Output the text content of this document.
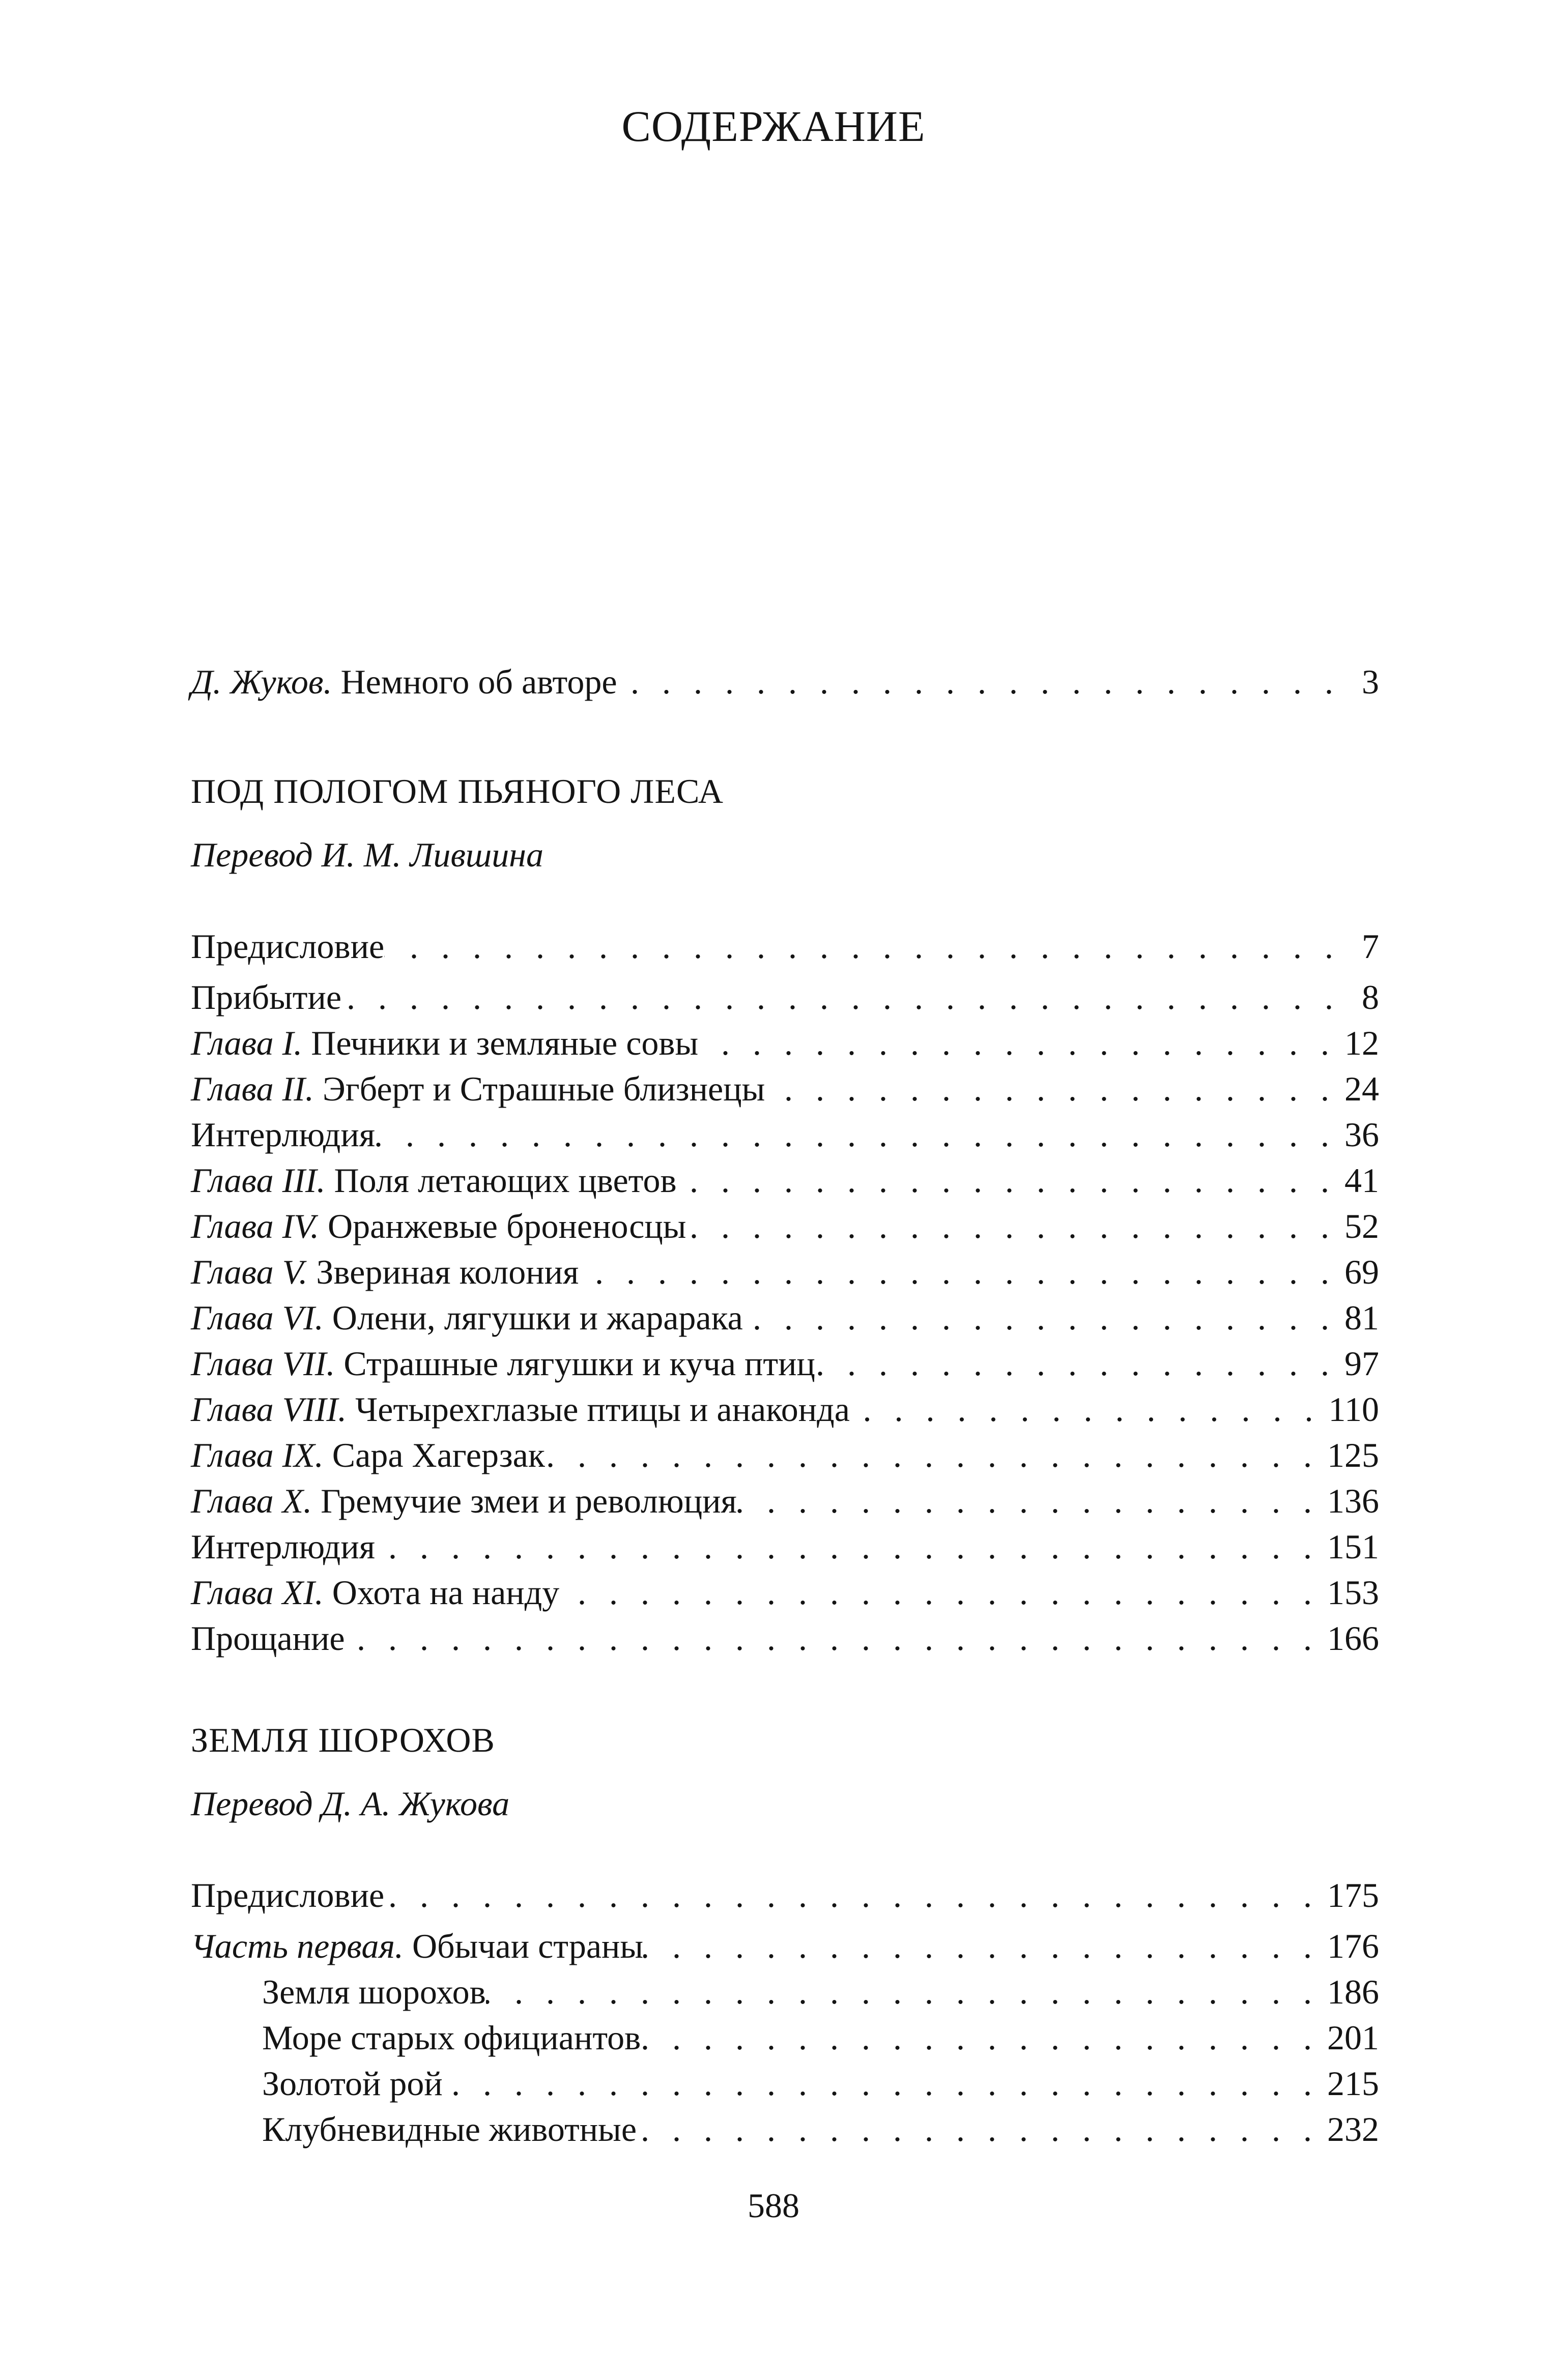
СОДЕРЖАНИЕ
Д. Жуков. Немного об авторе . . .	3
ПОД ПОЛОГОМ ПЬЯНОГО ЛЕСА
Перевод И. М. Лившина
Предисловие . . .	7
Прибытие . . .	8
Глава I. Печники и земляные совы . . .	12
Глава II. Эгберт и Страшные близнецы . . .	24
Интерлюдия . . .	36
Глава III. Поля летающих цветов . . .	41
Глава IV. Оранжевые броненосцы . . .	52
Глава V. Звериная колония . . .	69
Глава VI. Олени, лягушки и жарарака . . .	81
Глава VII. Страшные лягушки и куча птиц . . .	97
Глава VIII. Четырехглазые птицы и анаконда . . .	110
Глава IX. Сара Хагерзак . . .	125
Глава X. Гремучие змеи и революция . . .	136
Интерлюдия . . .	151
Глава XI. Охота на нанду . . .	153
Прощание . . .	166
ЗЕМЛЯ ШОРОХОВ
Перевод Д. А. Жукова
Предисловие . . .	175
Часть первая. Обычаи страны . . .	176
Земля шорохов . . .	186
Море старых официантов . . .	201
Золотой рой . . .	215
Клубневидные животные . . .	232
588
